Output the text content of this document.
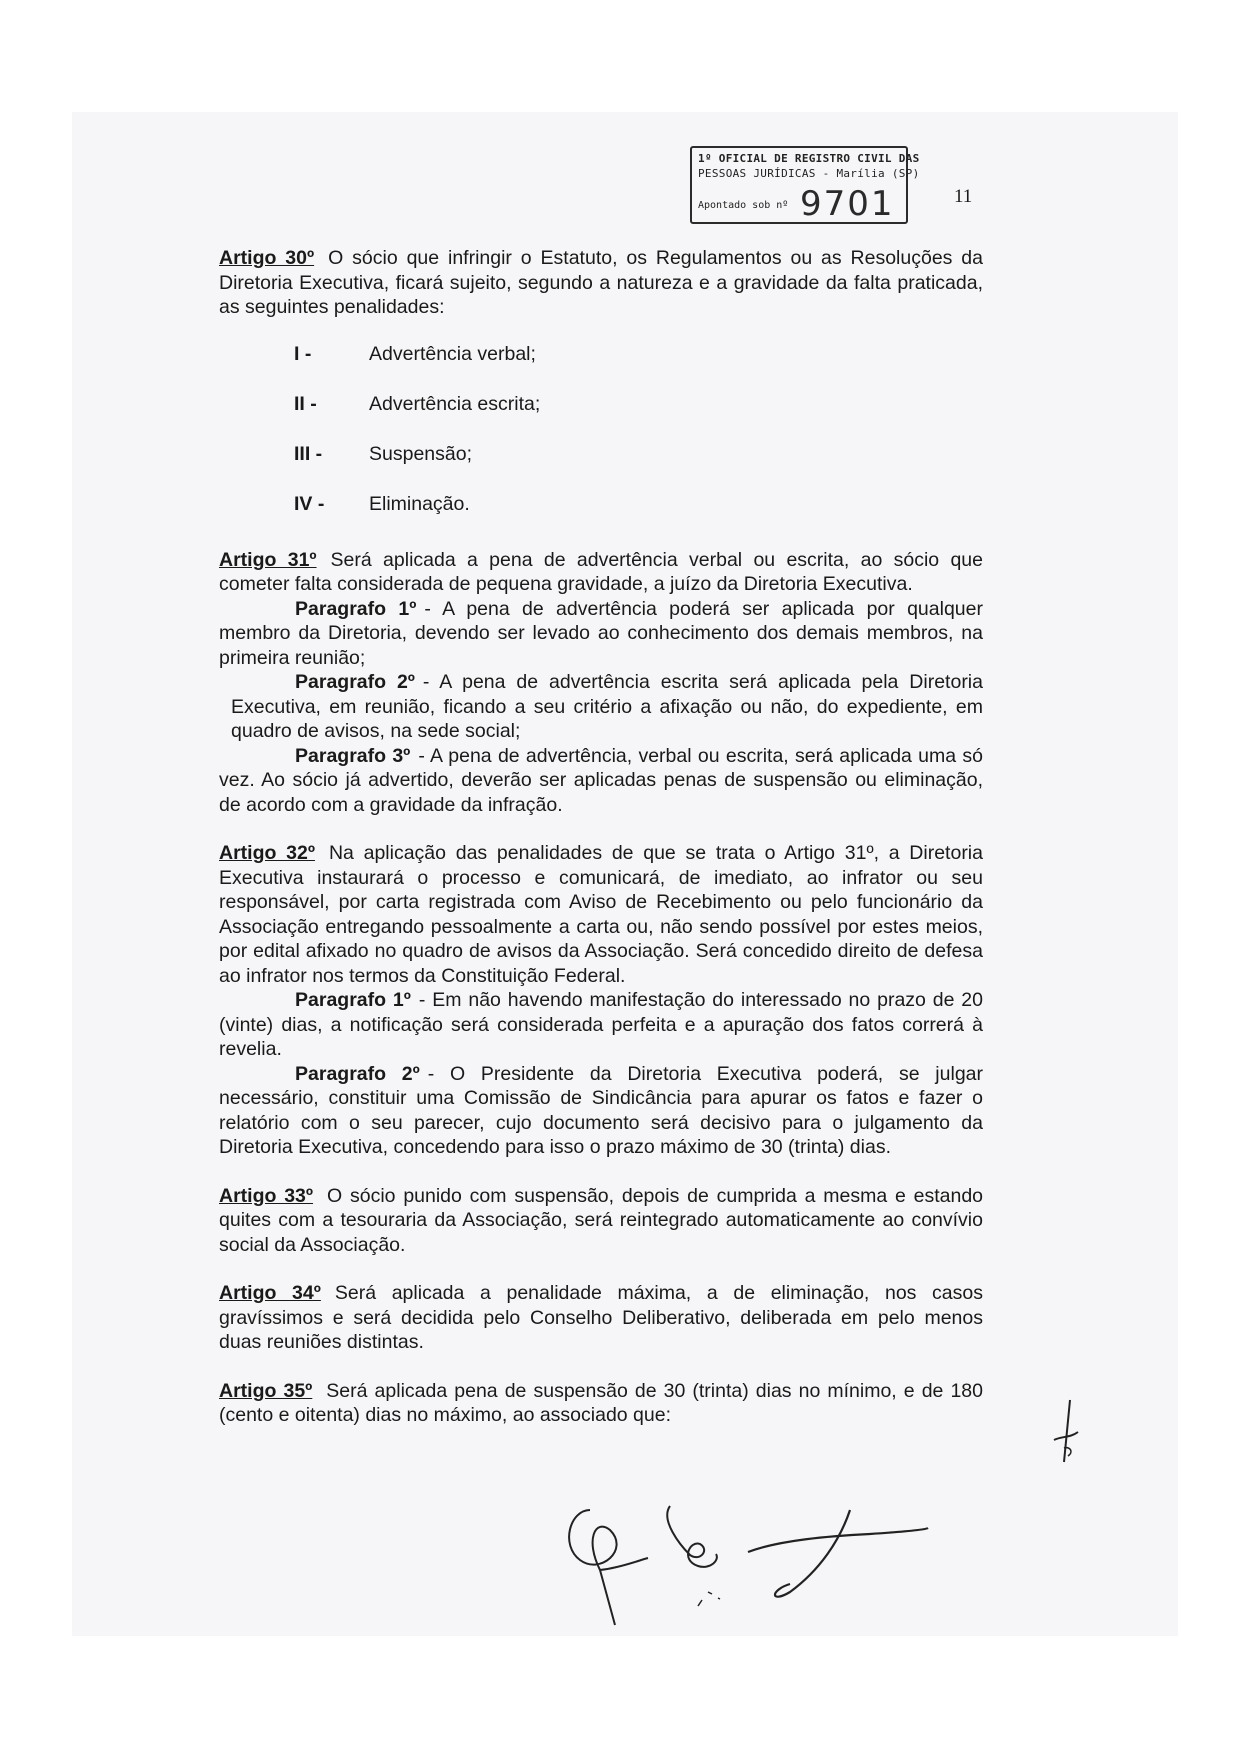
1º OFICIAL DE REGISTRO CIVIL DAS
PESSOAS JURÍDICAS - Marília (SP)
Apontado sob nº 9701	11

Artigo 30º O sócio que infringir o Estatuto, os Regulamentos ou as Resoluções da Diretoria Executiva, ficará sujeito, segundo a natureza e a gravidade da falta praticada, as seguintes penalidades:

I -	Advertência verbal;
II -	Advertência escrita;
III -	Suspensão;
IV -	Eliminação.

Artigo 31º Será aplicada a pena de advertência verbal ou escrita, ao sócio que cometer falta considerada de pequena gravidade, a juízo da Diretoria Executiva.

Paragrafo 1º - A pena de advertência poderá ser aplicada por qualquer membro da Diretoria, devendo ser levado ao conhecimento dos demais membros, na primeira reunião;

Paragrafo 2º - A pena de advertência escrita será aplicada pela Diretoria Executiva, em reunião, ficando a seu critério a afixação ou não, do expediente, em quadro de avisos, na sede social;

Paragrafo 3º - A pena de advertência, verbal ou escrita, será aplicada uma só vez. Ao sócio já advertido, deverão ser aplicadas penas de suspensão ou eliminação, de acordo com a gravidade da infração.

Artigo 32º Na aplicação das penalidades de que se trata o Artigo 31º, a Diretoria Executiva instaurará o processo e comunicará, de imediato, ao infrator ou seu responsável, por carta registrada com Aviso de Recebimento ou pelo funcionário da Associação entregando pessoalmente a carta ou, não sendo possível por estes meios, por edital afixado no quadro de avisos da Associação. Será concedido direito de defesa ao infrator nos termos da Constituição Federal.

Paragrafo 1º - Em não havendo manifestação do interessado no prazo de 20 (vinte) dias, a notificação será considerada perfeita e a apuração dos fatos correrá à revelia.

Paragrafo 2º - O Presidente da Diretoria Executiva poderá, se julgar necessário, constituir uma Comissão de Sindicância para apurar os fatos e fazer o relatório com o seu parecer, cujo documento será decisivo para o julgamento da Diretoria Executiva, concedendo para isso o prazo máximo de 30 (trinta) dias.

Artigo 33º O sócio punido com suspensão, depois de cumprida a mesma e estando quites com a tesouraria da Associação, será reintegrado automaticamente ao convívio social da Associação.

Artigo 34º Será aplicada a penalidade máxima, a de eliminação, nos casos gravíssimos e será decidida pelo Conselho Deliberativo, deliberada em pelo menos duas reuniões distintas.

Artigo 35º Será aplicada pena de suspensão de 30 (trinta) dias no mínimo, e de 180 (cento e oitenta) dias no máximo, ao associado que:
